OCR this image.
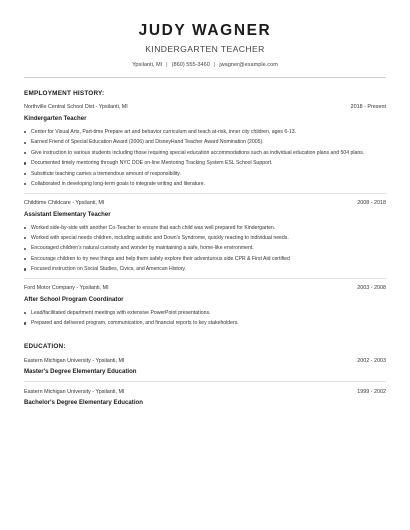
JUDY WAGNER
KINDERGARTEN TEACHER
Ypsilanti, MI | (860) 555-3460 | jwagner@example.com
EMPLOYMENT HISTORY:
Northville Central School Dist - Ypsilanti, MI	2018 - Present
Kindergarten Teacher
Center for Visual Arts, Part-time Prepare art and behavior curriculum and teach at-risk, inner city children, ages 6-13.
Earned Friend of Special Education Award (2006) and DisneyHand Teacher Award Nomination (2005).
Give instruction to various students including those requiring special education accommodations such as individual education plans and 504 plans.
Documented timely mentoring through NYC DOE on-line Mentoring Tracking System ESL School Support.
Substitute teaching carries a tremendous amount of responsibility.
Collaborated in developing long-term goals to integrate writing and literature.
Childtime Childcare - Ypsilanti, MI	2008 - 2018
Assistant Elementary Teacher
Worked side-by-side with another Co-Teacher to ensure that each child was well prepared for Kindergarten.
Worked with special needs children, including autistic and Down's Syndrome, quickly reacting to individual needs.
Encouraged children's natural curiosity and wonder by maintaining a safe, home-like environment.
Encourage children to try new things and help them safely explore their adventurous side CPR & First Aid certified
Focused instruction on Social Studies, Civics, and American History.
Ford Motor Company - Ypsilanti, MI	2003 - 2008
After School Program Coordinator
Lead/facilitated department meetings with extensive PowerPoint presentations.
Prepared and delivered program, communication, and financial reports to key stakeholders.
EDUCATION:
Eastern Michigan University - Ypsilanti, MI	2002 - 2003
Master's Degree Elementary Education
Eastern Michigan University - Ypsilanti, MI	1999 - 2002
Bachelor's Degree Elementary Education
